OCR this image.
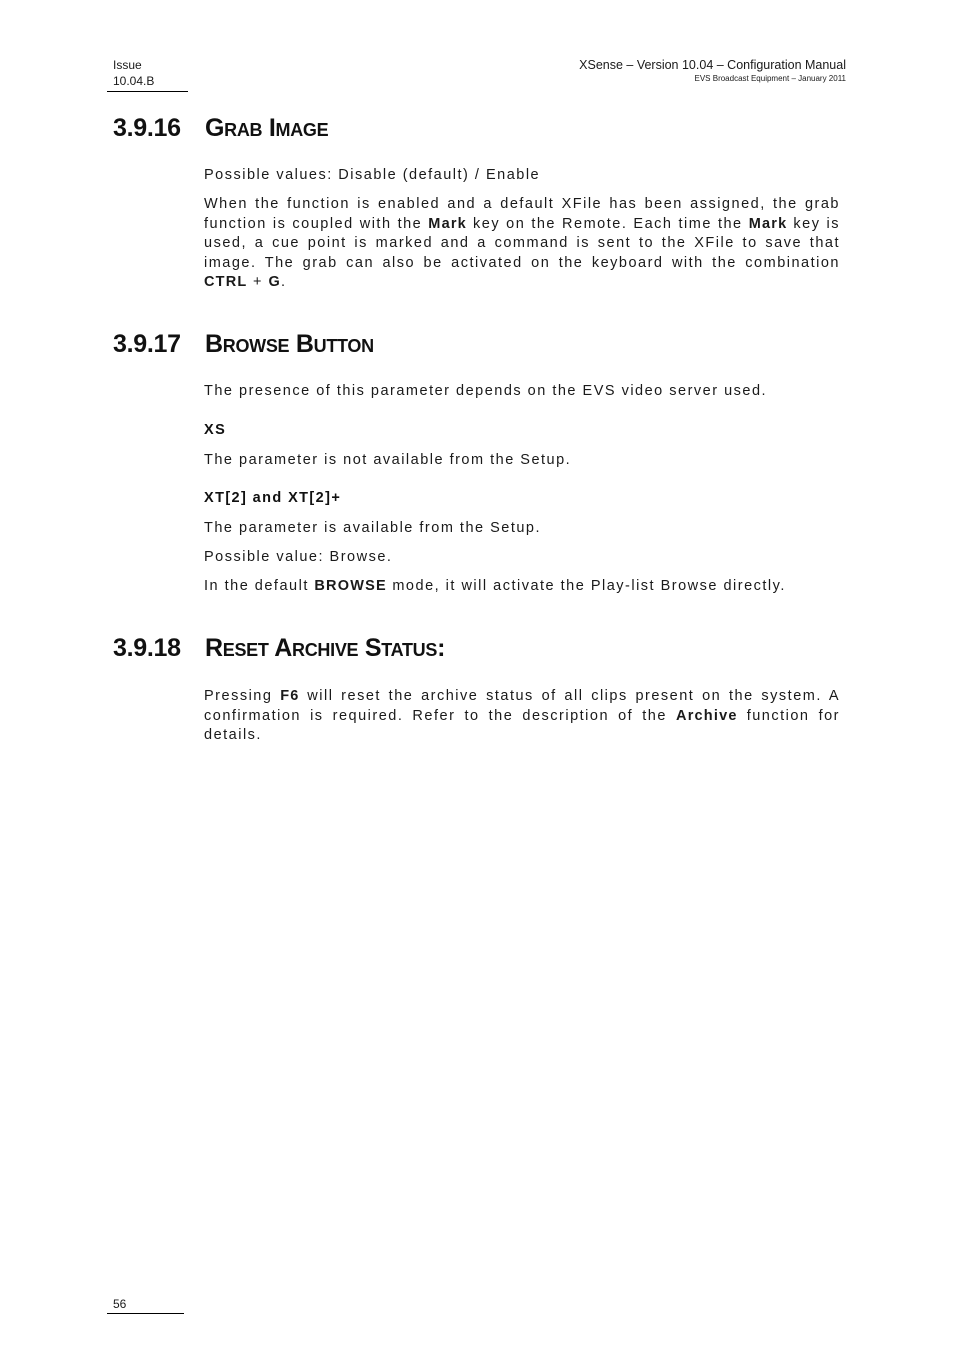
Issue
10.04.B
XSense – Version 10.04 – Configuration Manual
EVS Broadcast Equipment – January 2011
3.9.16 Grab Image
Possible values: Disable (default) / Enable
When the function is enabled and a default XFile has been assigned, the grab function is coupled with the Mark key on the Remote. Each time the Mark key is used, a cue point is marked and a command is sent to the XFile to save that image. The grab can also be activated on the keyboard with the combination CTRL + G.
3.9.17 Browse Button
The presence of this parameter depends on the EVS video server used.
XS
The parameter is not available from the Setup.
XT[2] and XT[2]+
The parameter is available from the Setup.
Possible value: Browse.
In the default BROWSE mode, it will activate the Play-list Browse directly.
3.9.18 Reset Archive Status:
Pressing F6 will reset the archive status of all clips present on the system. A confirmation is required. Refer to the description of the Archive function for details.
56
